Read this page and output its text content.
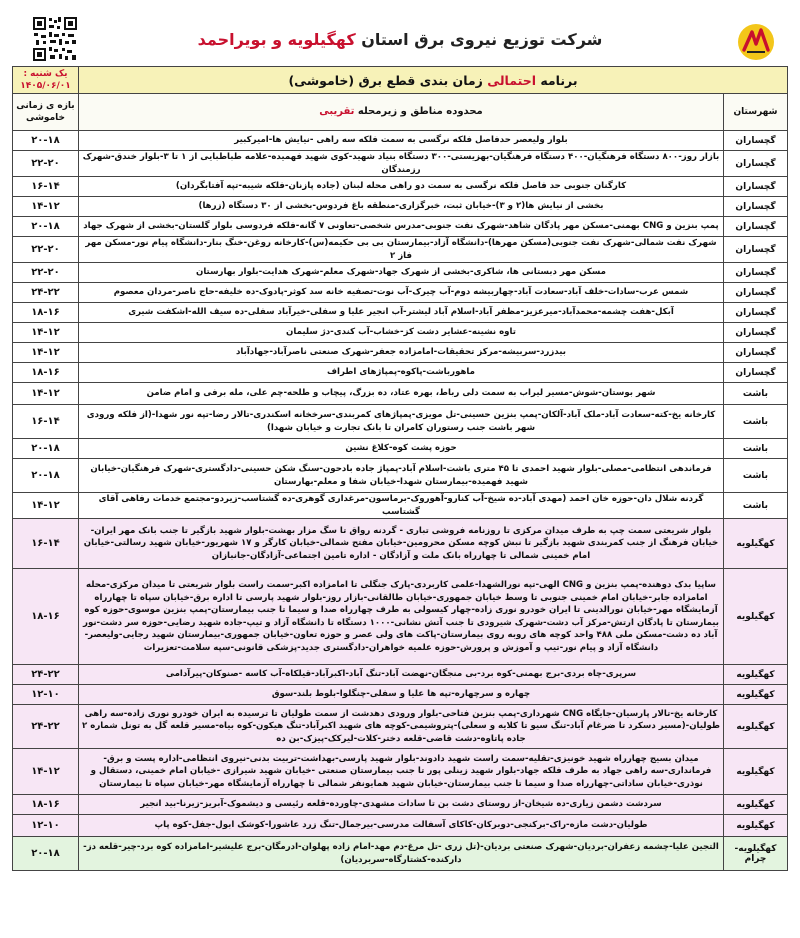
شرکت توزیع نیروی برق استان کهگیلویه و بویراحمد
برنامه احتمالی زمان بندی قطع برق (خاموشی)		یک شنبه :
۱۴۰۵/۰۶/۰۱

شهرستان	محدوده مناطق و زیرمحله تقریبی	بازه ی زمانی خاموشی
گچساران	بلوار ولیعصر حدفاصل فلکه نرگسی به سمت فلکه سه راهی -نیایش ها-امیرکبیر	۲۰-۱۸
گچساران	بازار روز-۸۰۰ دستگاه فرهنگیان-۴۰۰ دستگاه فرهنگیان-بهزیستی-۳۰۰ دستگاه بنیاد شهید-کوی شهید فهمیده-علامه طباطبایی از ۱ تا ۳-بلوار خندق-شهرک رزمندگان	۲۲-۲۰
گچساران	کارگنان جنوبی حد فاصل فلکه نرگسی به سمت دو راهی محله لبنان (جاده پازنان-فلکه شیبه-تپه آفتابگردان)	۱۶-۱۴
گچساران	بخشی از نیایش ها(۲ و ۳)-خیابان ثبت، خبرگزاری-منطقه باغ فردوس-بخشی از ۳۰ دستگاه (زرها)	۱۴-۱۲
گچساران	پمپ بنزین و CNG بهمنی-مسکن مهر پادگان شاهد-شهرک نفت جنوبی-مدرس شخصی-تعاونی ۷ گانه-فلکه فردوسی بلوار گلستان-بخشی از شهرک جهاد	۲۰-۱۸
گچساران	شهرک نفت شمالی-شهرک نفت جنوبی(مسکن مهرها)-دانشگاه آزاد-بیمارستان بی بی حکیمه(س)-کارخانه روغن-خنگ بنار-دانشگاه پیام نور-مسکن مهر فاز ۲	۲۲-۲۰
گچساران	مسکن مهر دبستانی ها، شاکری-بخشی از شهرک جهاد-شهرک معلم-شهرک هدایت-بلوار بهارستان	۲۲-۲۰
گچساران	شمس عرب-سادات-خلف آباد-سعادت آباد-چهاربیشه دوم-آب چیرک-آب نوت-تصفیه خانه سد کوثر-پادوک-ده خلیفه-حاج ناصر-مردان معصوم	۲۴-۲۲
گچساران	آبکل-هفت چشمه-محمدآباد-میرعزیز-مظفر آباد-اسلام آباد لیشتر-آب انجیر علیا و سفلی-خیرآباد سفلی-ده سیف الله-اشکفت شیری	۱۸-۱۶
گچساران	تاوه نشینه-عشایر دشت کز-خشاب-آب کندی-دژ سلیمان	۱۴-۱۲
گچساران	بیدزرد-سربیشه-مرکز تحقیقات-امامزاده جعفر-شهرک صنعتی ناصرآباد-جهادآباد	۱۴-۱۲
گچساران	ماهورباشت-پاکوه-پمپاژهای اطراف	۱۸-۱۶
باشت	شهر بوستان-شوش-مسیر لیراب به سمت دلی رباط، بهره عتاد، ده بزرگ، پیچاب و طلحه-چم علی، مله برفی و امام ضامن	۱۴-۱۲
باشت	کارخانه یخ-کته-سعادت آباد-ملک آباد-آلکان-پمپ بنزین حسینی-تل مویزی-پمپاژهای کمربندی-سرخخانه اسکندری-تالار رضا-تپه نور شهدا-(از فلکه ورودی شهر باشت جنب رستوران کامران تا بانک تجارت و خیابان شهدا)	۱۶-۱۴
باشت	حوزه پشت کوه-کلاغ نشین	۲۰-۱۸
باشت	فرماندهی انتظامی-مصلی-بلوار شهید احمدی تا ۴۵ متری باشت-اسلام آباد-پمپاژ جاده بادحون-سنگ شکن حسینی-دادگستری-شهرک فرهنگیان-خیابان شهید فهمیده-بیمارستان شهدا-خیابان شفا و معلم-بهارستان	۲۰-۱۸
باشت	گردنه شلال دان-حوزه خان احمد (مهدی آباد-ده شیخ-آب کنارو-آهوروک-برماسون-مرغداری گوهری-ده گشتاسب-زیردو-مجتمع خدمات رفاهی آقای گشتاسب	۱۴-۱۲
کهگیلویه	بلوار شریعتی سمت چپ به طرف میدان مرکزی تا روزنامه فروشی تباری - گردنه رواق تا سگ مزار بهشت-بلوار شهید بازگیر تا جنب بانک مهر ایران-خیابان فرهنگ از جنب کمربندی شهید بازگیر تا نبش کوچه مسکن محرومین-خیابان مفتح شمالی-خیابان کارگر و ۱۷ شهریور-خیابان شهید رسالتی-خیابان امام خمینی شمالی تا چهارراه بانک ملت و آزادگان - اداره تامین اجتماعی-آزادگان-جانبازان	۱۶-۱۴
کهگیلویه	ساپیا بدک دوهنده-پمپ بنزین و CNG الهی-تپه نورالشهدا-علمی کاربردی-پارک جنگلی تا امامزاده اکبر-سمت راست بلوار شریعتی تا میدان مرکزی-محله امامزاده جابر-خیابان امام خمینی جنوبی تا وسط خیابان جمهوری-خیابان طالقانی-بازار روز-بلوار شهید پارسی تا اداره برق-خیابان سپاه تا چهارراه آزمایشگاه مهر-خیابان نورالدینی تا ایران خودرو نوری زاده-چهار کیسولی به طرف چهارراه صدا و سیما تا جنب بیمارستان-پمپ بنزین موسوی-حوزه کوه بیمارستان تا پادگان ارتش-مرکز آب دشت-شهرک شیرودی تا جنب آتش نشانی-۱۰۰۰ دستگاه تا دانشگاه آزاد و تیپ-جاده شهید رضایی-حوزه سر دشت-نور آباد ده دشت-مسکن ملی ۴۸۸ واحد کوچه های روبه روی بیمارستان-پاکت های ولی عصر و حوزه تعاون-خیابان جمهوری-بیمارستان شهید رجایی-ولیعصر-دانشگاه آزاد و پیام نور-تیپ و آموزش و پرورش-حوزه علمیه خواهران-دادگستری جدید-پزشکی قانونی-سپه سلامت-تعزیرات	۱۸-۱۶
کهگیلویه	سرپری-چاه بردی-برج بهمنی-کوه برد-بی منجگان-نهضت آباد-تنگ آباد-اکبرآباد-قیلکاه-آب کاسه -صنوکان-پیرآدامی	۲۴-۲۲
کهگیلویه	چهاره و سرچهاره-تپه ها علیا و سفلی-چنگلوا-بلوط بلند-سوق	۱۲-۱۰
کهگیلویه	کارخانه یخ-تالار پارسیان-جایگاه CNG شهرداری-پمپ بنزین فتاحی-بلوار ورودی دهدشت از سمت طولیان تا ترسیده به ایران خودرو نوری زاده-سه راهی طولیان-(مسیر دسکرد تا ضرغام آباد-تنگ سیو تا کلایه و سعلی)-پتروشیمی-کوچه های شهید اکبرآباد-تنگ هیکون-کوه بیاه-مسیر قلعه گل به تونل شماره ۲ جاده پاتاوه-دشت قاضی-قلعه دختر-کلات-لیرکک-پیزک-بن ده	۲۴-۲۲
کهگیلویه	میدان بسیج چهارراه شهید خونیزی-تقلیه-سمت راست شهید دادوند-بلوار شهید پارسی-بهداشت-تربیت بدنی-نیروی انتظامی-اداره پست و برق-فرمانداری-سه راهی جهاد به طرف فلکه جهاد-بلوار شهید زینلی پور تا جنب بیمارستان صنعتی -خیابان شهید شیرازی -خیابان امام خمینی، دستقال و نوذری-خیابان ساداتی-چهارراه صدا و سیما تا جنب بیمارستان-خیابان شهید همایونفر شمالی تا چهارراه آزمایشگاه مهر-خیابان سپاه تا بیمارستان	۱۴-۱۲
کهگیلویه	سردشت دشمن زیاری-ده شیخان-از روستای دشت بن تا سادات مشهدی-چاورده-قلعه رئیسی و دیشموک-آبریز-زیرنا-بید انجیر	۱۸-۱۶
کهگیلویه	طولیان-دشت مازه-راک-برکنجی-دوبرکان-کاکای آسفالت مدرسی-بیرجمال-تنگ زرد عاشورا-کوشک ابول-جفل-کوه پاپ	۱۲-۱۰
کهگیلویه-چرام	التجین علیا-چشمه زعفران-بردیان-شهرک صنعتی بردیان-(تل زری -تل مرغ-دم مهد-امام زاده پهلوان-ادرمگان-برج علیشیر-امامزاده کوه برد-چیر-قلعه دز-دارکنده-کشتارگاه-سربردیان)	۲۰-۱۸
